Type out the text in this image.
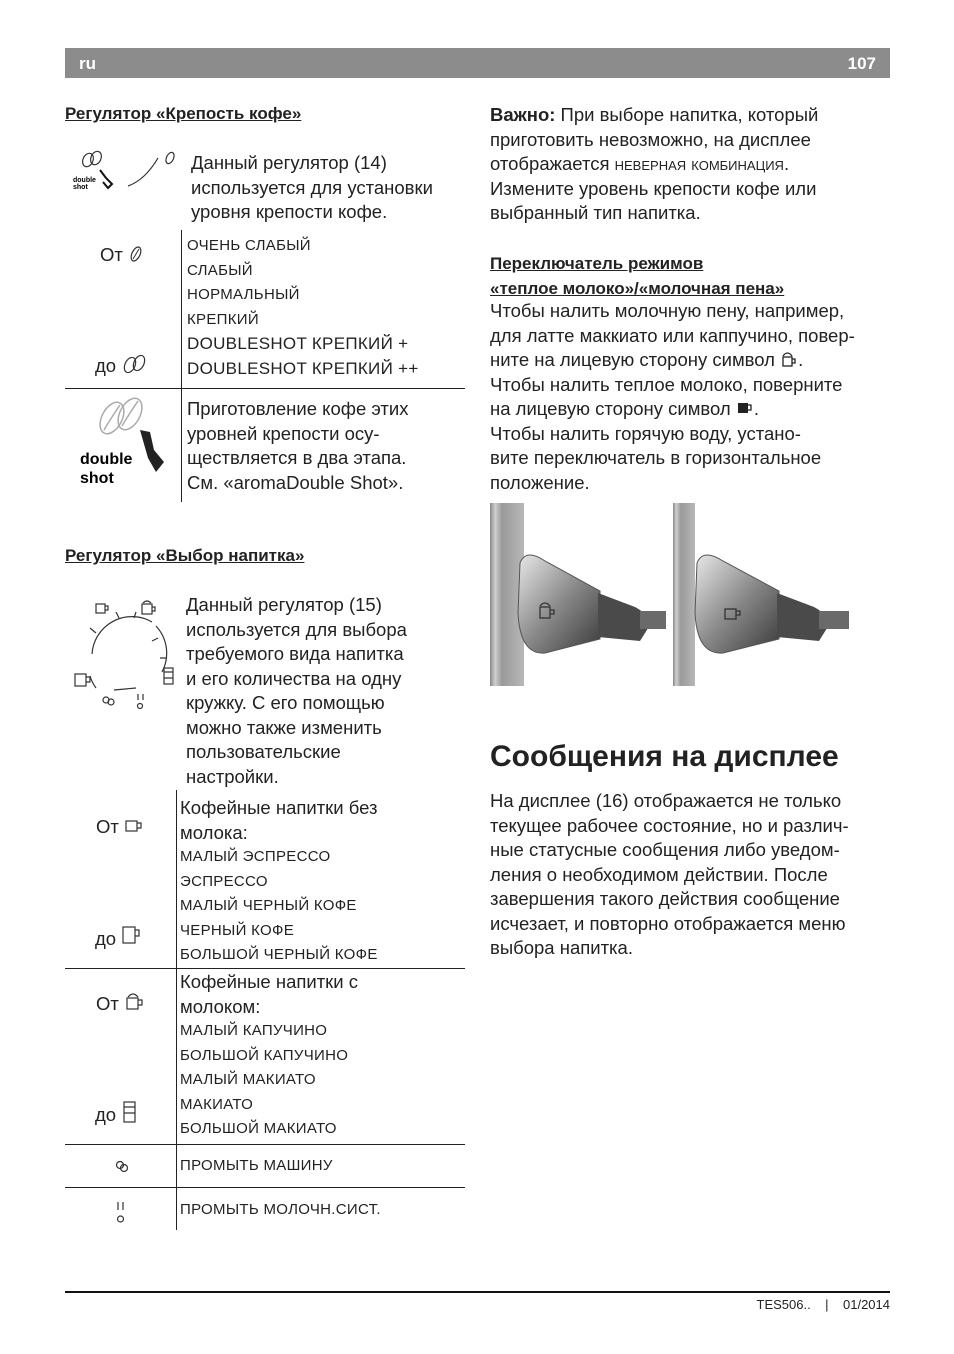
ru	107

Регулятор «Крепость кофе»

double
shot
Данный регулятор (14)
используется для установки
уровня крепости кофе.
От
до
ОЧЕНЬ СЛАБЫЙ
СЛАБЫЙ
НОРМАЛЬНЫЙ
КРЕПКИЙ
DOUBLESHOT КРЕПКИЙ +
DOUBLESHOT КРЕПКИЙ ++
double
shot
Приготовление кофе этих
уровней крепости осу-
ществляется в два этапа.
См. «aromaDouble Shot».

Регулятор «Выбор напитка»

Данный регулятор (15)
используется для выбора
требуемого вида напитка
и его количества на одну
кружку. С его помощью
можно также изменить
пользовательские
настройки.
От
до
Кофейные напитки без
молока:
МАЛЫЙ ЭСПРЕССО
ЭСПРЕССО
МАЛЫЙ ЧЕРНЫЙ КОФЕ
ЧЕРНЫЙ КОФЕ
БОЛЬШОЙ ЧЕРНЫЙ КОФЕ
От
до
Кофейные напитки с
молоком:
МАЛЫЙ КАПУЧИНО
БОЛЬШОЙ КАПУЧИНО
МАЛЫЙ МАКИАТО
МАКИАТО
БОЛЬШОЙ МАКИАТО
ПРОМЫТЬ МАШИНУ
ПРОМЫТЬ МОЛОЧН.СИСТ.
Важно: При выборе напитка, который
приготовить невозможно, на дисплее
отображается неверная комбинация.
Измените уровень крепости кофе или
выбранный тип напитка.
Переключатель режимов
«теплое молоко»/«молочная пена»
Чтобы налить молочную пену, например,
для латте маккиато или каппучино, повер-
ните на лицевую сторону символ .
Чтобы налить теплое молоко, поверните
на лицевую сторону символ .
Чтобы налить горячую воду, устано-
вите переключатель в горизонтальное
положение.
Сообщения на дисплее
На дисплее (16) отображается не только
текущее рабочее состояние, но и различ-
ные статусные сообщения либо уведом-
ления о необходимом действии. После
завершения такого действия сообщение
исчезает, и повторно отображается меню
выбора напитка.
TES506.. | 01/2014
